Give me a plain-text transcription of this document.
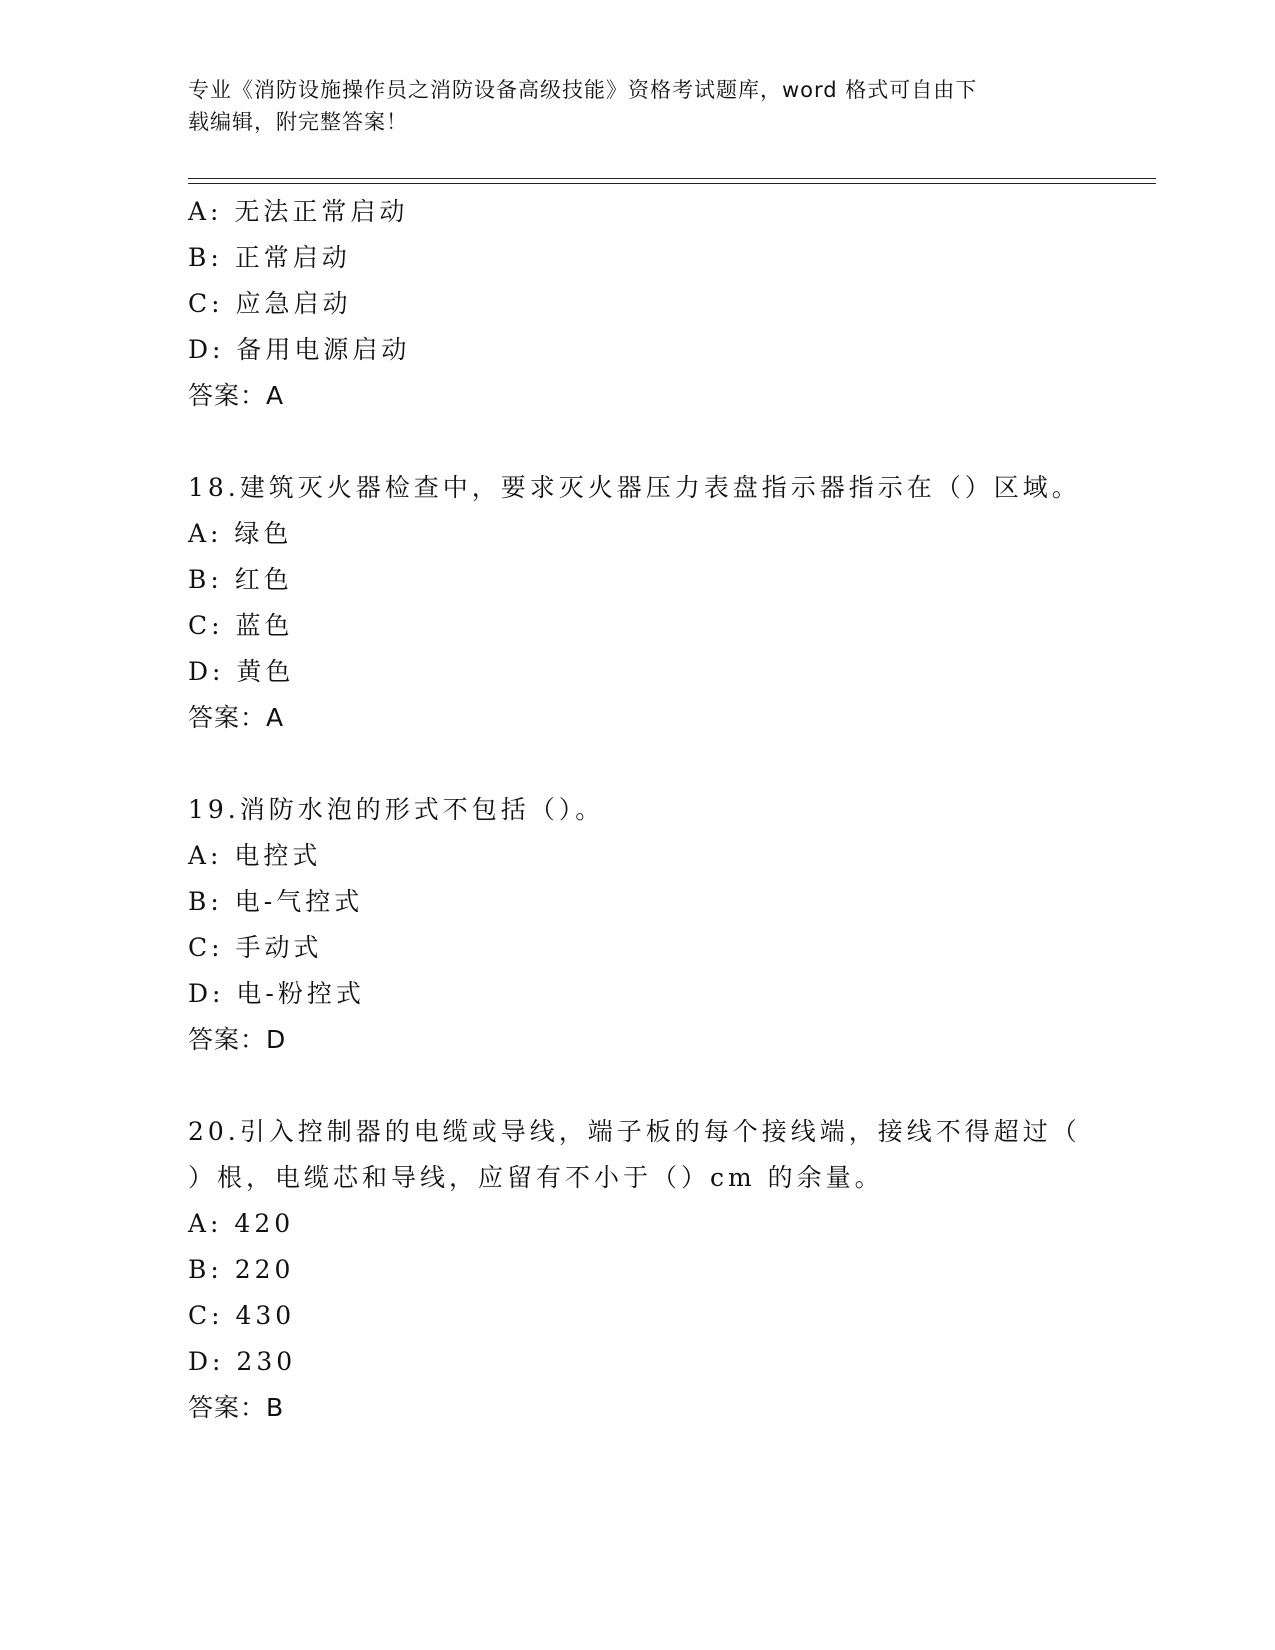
专业《消防设施操作员之消防设备高级技能》资格考试题库，word 格式可自由下
载编辑，附完整答案！
A: 无法正常启动
B: 正常启动
C: 应急启动
D: 备用电源启动
答案：A
18.建筑灭火器检查中，要求灭火器压力表盘指示器指示在（）区域。
A: 绿色
B: 红色
C: 蓝色
D: 黄色
答案：A
19.消防水泡的形式不包括（）。
A: 电控式
B: 电-气控式
C: 手动式
D: 电-粉控式
答案：D
20.引入控制器的电缆或导线，端子板的每个接线端，接线不得超过（
）根，电缆芯和导线，应留有不小于（）cm 的余量。
A: 420
B: 220
C: 430
D: 230
答案：B
